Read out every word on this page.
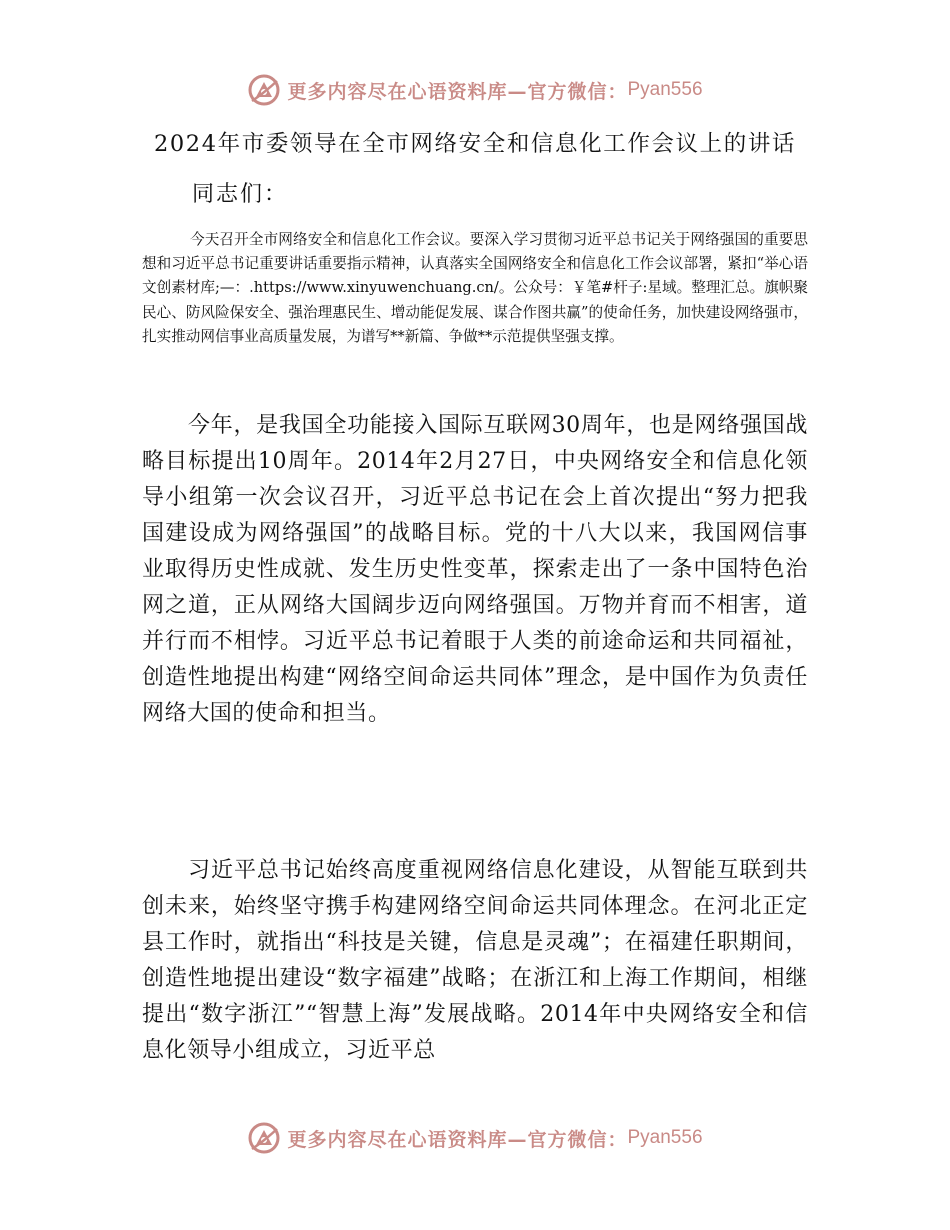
更多内容尽在心语资料库—官方微信： Pyan556
2024年市委领导在全市网络安全和信息化工作会议上的讲话
同志们：

今天召开全市网络安全和信息化工作会议。要深入学习贯彻习近平总书记关于网络强国的重要思想和习近平总书记重要讲话重要指示精神，认真落实全国网络安全和信息化工作会议部署，紧扣“举心语文创素材库;—：.https://www.xinyuwenchuang.cn/。公众号：￥笔#杆子:星域。整理汇总。旗帜聚民心、防风险保安全、强治理惠民生、增动能促发展、谋合作图共赢”的使命任务，加快建设网络强市，扎实推动网信事业高质量发展，为谱写**新篇、争做**示范提供坚强支撑。

今年，是我国全功能接入国际互联网30周年，也是网络强国战略目标提出10周年。2014年2月27日，中央网络安全和信息化领导小组第一次会议召开，习近平总书记在会上首次提出“努力把我国建设成为网络强国”的战略目标。党的十八大以来，我国网信事业取得历史性成就、发生历史性变革，探索走出了一条中国特色治网之道，正从网络大国阔步迈向网络强国。万物并育而不相害，道并行而不相悖。习近平总书记着眼于人类的前途命运和共同福祉，创造性地提出构建“网络空间命运共同体”理念，是中国作为负责任网络大国的使命和担当。

习近平总书记始终高度重视网络信息化建设，从智能互联到共创未来，始终坚守携手构建网络空间命运共同体理念。在河北正定县工作时，就指出“科技是关键，信息是灵魂”；在福建任职期间，创造性地提出建设“数字福建”战略；在浙江和上海工作期间，相继提出“数字浙江”“智慧上海”发展战略。2014年中央网络安全和信息化领导小组成立，习近平总

更多内容尽在心语资料库—官方微信： Pyan556
